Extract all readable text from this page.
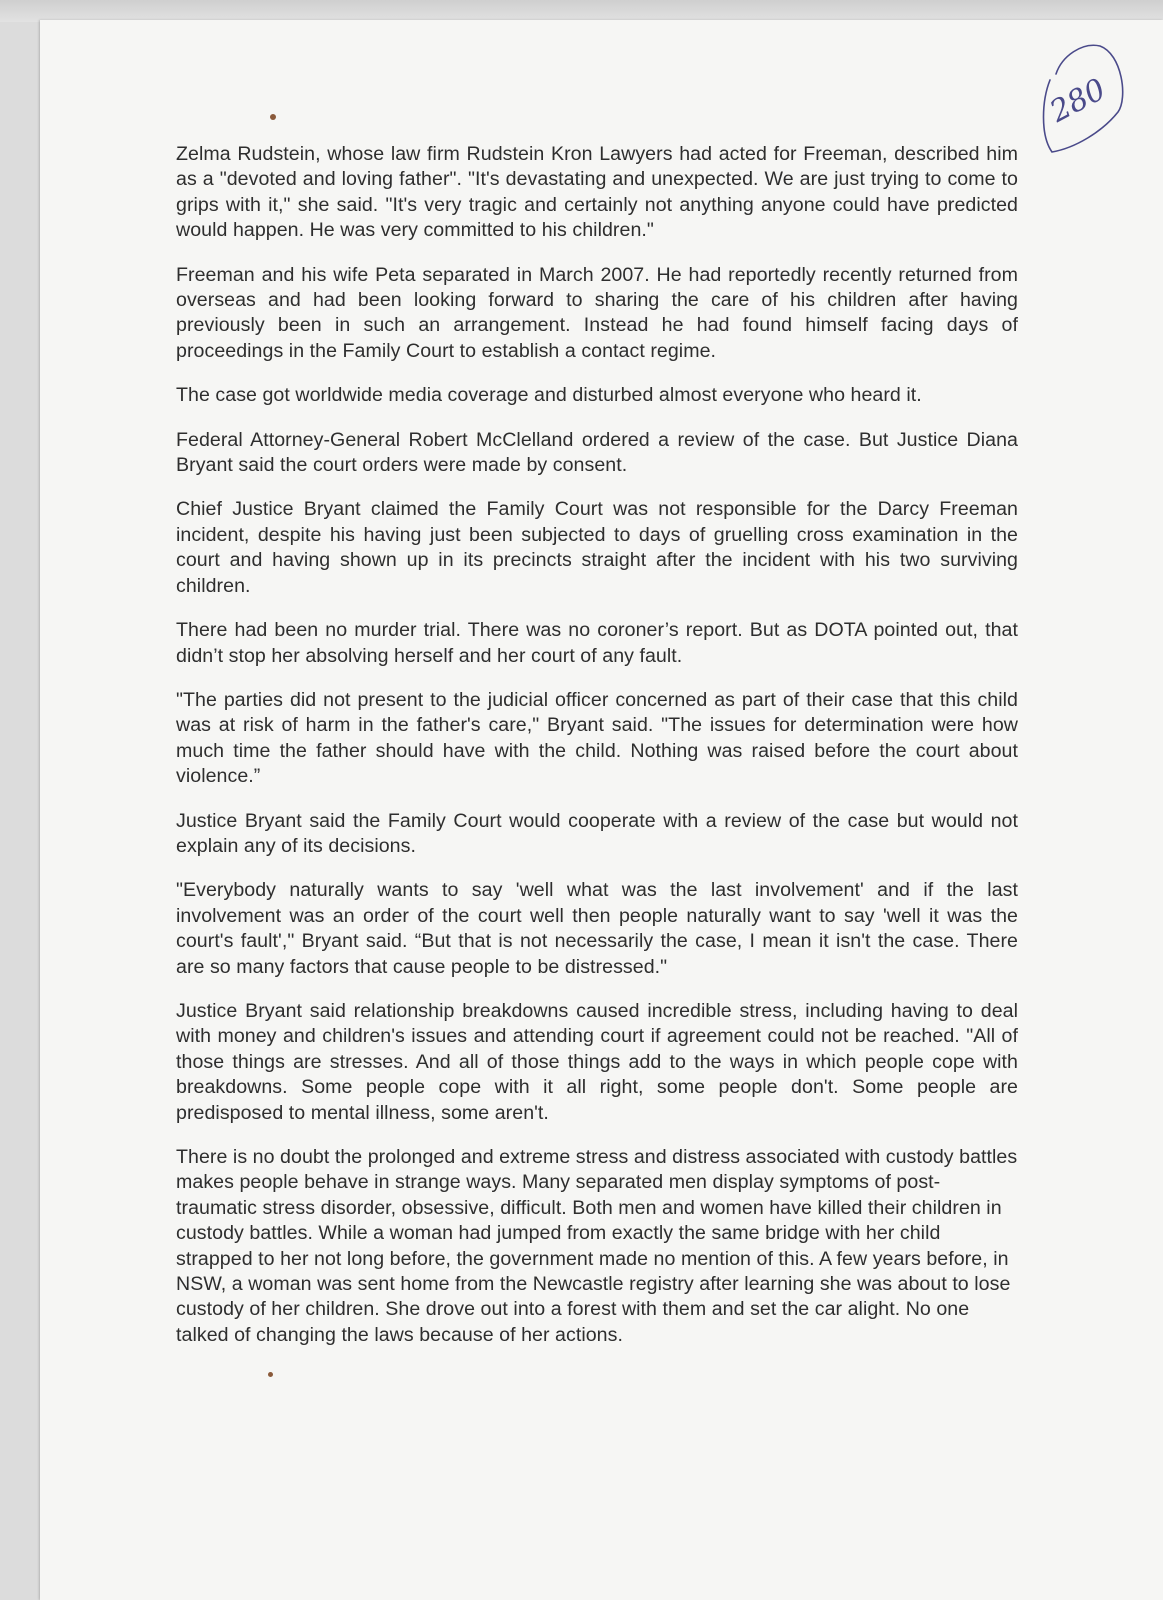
280

Zelma Rudstein, whose law firm Rudstein Kron Lawyers had acted for Freeman, described him as a "devoted and loving father". "It's devastating and unexpected. We are just trying to come to grips with it," she said. "It's very tragic and certainly not anything anyone could have predicted would happen. He was very committed to his children."

Freeman and his wife Peta separated in March 2007. He had reportedly recently returned from overseas and had been looking forward to sharing the care of his children after having previously been in such an arrangement. Instead he had found himself facing days of proceedings in the Family Court to establish a contact regime.

The case got worldwide media coverage and disturbed almost everyone who heard it.

Federal Attorney-General Robert McClelland ordered a review of the case. But Justice Diana Bryant said the court orders were made by consent.

Chief Justice Bryant claimed the Family Court was not responsible for the Darcy Freeman incident, despite his having just been subjected to days of gruelling cross examination in the court and having shown up in its precincts straight after the incident with his two surviving children.

There had been no murder trial. There was no coroner’s report. But as DOTA pointed out, that didn’t stop her absolving herself and her court of any fault.

"The parties did not present to the judicial officer concerned as part of their case that this child was at risk of harm in the father's care," Bryant said. "The issues for determination were how much time the father should have with the child. Nothing was raised before the court about violence.”

Justice Bryant said the Family Court would cooperate with a review of the case but would not explain any of its decisions.

"Everybody naturally wants to say 'well what was the last involvement' and if the last involvement was an order of the court well then people naturally want to say 'well it was the court's fault'," Bryant said. “But that is not necessarily the case, I mean it isn't the case. There are so many factors that cause people to be distressed."

Justice Bryant said relationship breakdowns caused incredible stress, including having to deal with money and children's issues and attending court if agreement could not be reached. "All of those things are stresses. And all of those things add to the ways in which people cope with breakdowns. Some people cope with it all right, some people don't. Some people are predisposed to mental illness, some aren't.

There is no doubt the prolonged and extreme stress and distress associated with custody battles makes people behave in strange ways. Many separated men display symptoms of post-traumatic stress disorder, obsessive, difficult. Both men and women have killed their children in custody battles. While a woman had jumped from exactly the same bridge with her child strapped to her not long before, the government made no mention of this. A few years before, in NSW, a woman was sent home from the Newcastle registry after learning she was about to lose custody of her children. She drove out into a forest with them and set the car alight. No one talked of changing the laws because of her actions.
